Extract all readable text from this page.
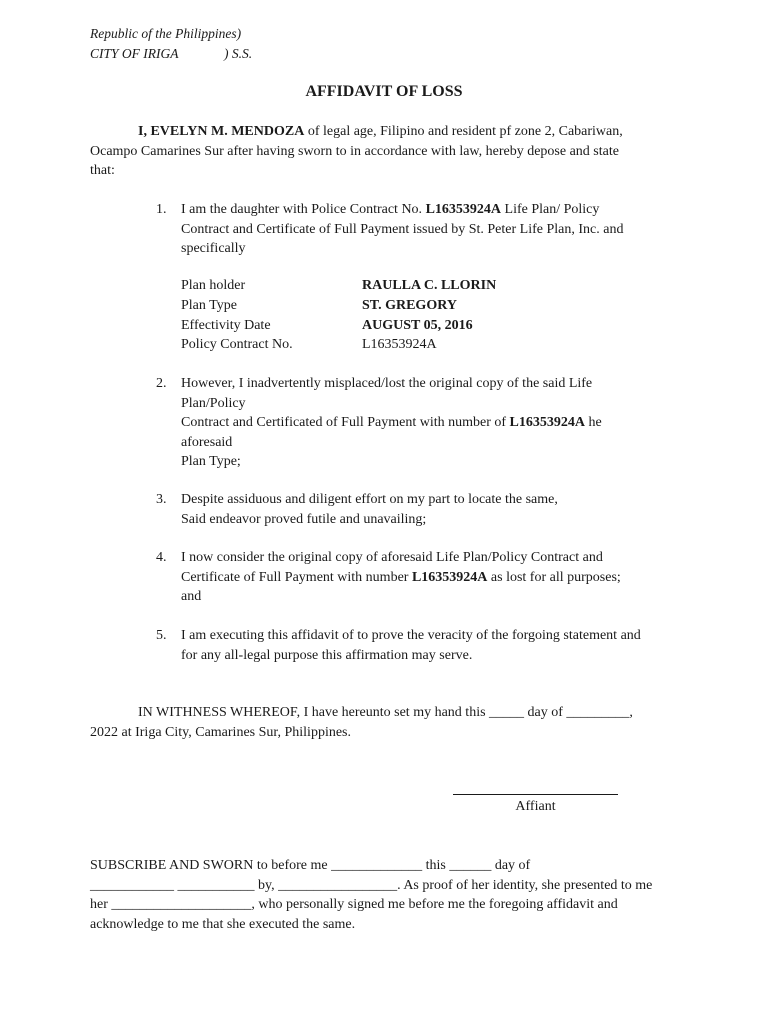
Republic of the Philippines)
CITY OF IRIGA	) S.S.
AFFIDAVIT OF LOSS
I, EVELYN M. MENDOZA of legal age, Filipino and resident pf zone 2, Cabariwan,
Ocampo Camarines Sur after having sworn to in accordance with law, hereby depose and state
that:
1. I am the daughter with Police Contract No. L16353924A Life Plan/ Policy
Contract and Certificate of Full Payment issued by St. Peter Life Plan, Inc. and
specifically
Plan holder	RAULLA C. LLORIN
Plan Type	ST. GREGORY
Effectivity Date	AUGUST 05, 2016
Policy Contract No.	L16353924A
2. However, I inadvertently misplaced/lost the original copy of the said Life
Plan/Policy
Contract and Certificated of Full Payment with number of L16353924A he
aforesaid
Plan Type;
3. Despite assiduous and diligent effort on my part to locate the same,
Said endeavor proved futile and unavailing;
4. I now consider the original copy of aforesaid Life Plan/Policy Contract and
Certificate of Full Payment with number L16353924A as lost for all purposes;
and
5. I am executing this affidavit of to prove the veracity of the forgoing statement and
for any all-legal purpose this affirmation may serve.
IN WITHNESS WHEREOF, I have hereunto set my hand this _____ day of _________,
2022 at Iriga City, Camarines Sur, Philippines.
Affiant
SUBSCRIBE AND SWORN to before me _____________ this ______ day of
____________ ___________ by, _________________. As proof of her identity, she presented to me
her ____________________, who personally signed me before me the foregoing affidavit and
acknowledge to me that she executed the same.
